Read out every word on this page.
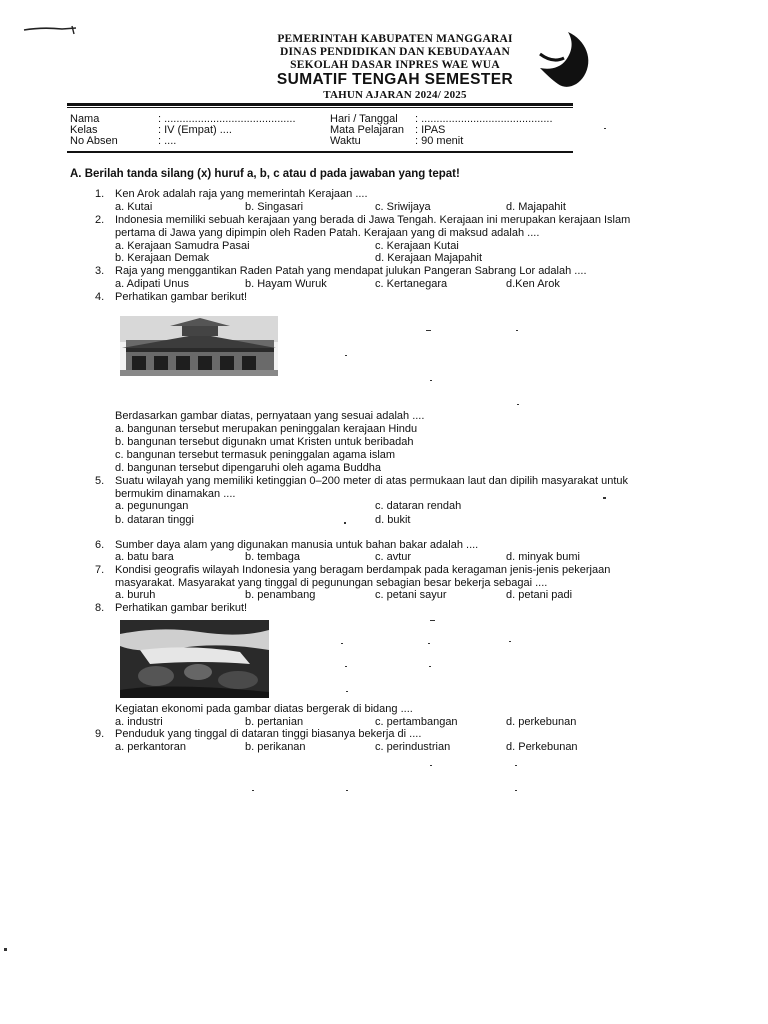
PEMERINTAH KABUPATEN MANGGARAI
DINAS PENDIDIKAN DAN KEBUDAYAAN
SEKOLAH DASAR INPRES WAE WUA
SUMATIF TENGAH SEMESTER
TAHUN AJARAN 2024/ 2025
Nama	: ...........................................
Kelas	: IV (Empat) ....
No Absen	: ....
Hari / Tanggal : ...........................................
Mata Pelajaran : IPAS
Waktu	: 90 menit
A. Berilah tanda silang (x) huruf a, b, c atau d pada jawaban yang tepat!
1. Ken Arok adalah raja yang memerintah Kerajaan ....
a. Kutai	b. Singasari	c. Sriwijaya	d. Majapahit
2. Indonesia memiliki sebuah kerajaan yang berada di Jawa Tengah. Kerajaan ini merupakan kerajaan Islam
pertama di Jawa yang dipimpin oleh Raden Patah. Kerajaan yang di maksud adalah ....
a. Kerajaan Samudra Pasai	c. Kerajaan Kutai
b. Kerajaan Demak	d. Kerajaan Majapahit
3. Raja yang menggantikan Raden Patah yang mendapat julukan Pangeran Sabrang Lor adalah ....
a. Adipati Unus	b. Hayam Wuruk	c. Kertanegara	d.Ken Arok
4. Perhatikan gambar berikut!
Berdasarkan gambar diatas, pernyataan yang sesuai adalah ....
a. bangunan tersebut merupakan peninggalan kerajaan Hindu
b. bangunan tersebut digunakn umat Kristen untuk beribadah
c. bangunan tersebut termasuk peninggalan agama islam
d. bangunan tersebut dipengaruhi oleh agama Buddha
5. Suatu wilayah yang memiliki ketinggian 0–200 meter di atas permukaan laut dan dipilih masyarakat untuk
bermukim dinamakan ....
a. pegunungan	c. dataran rendah
b. dataran tinggi	d. bukit
6. Sumber daya alam yang digunakan manusia untuk bahan bakar adalah ....
a. batu bara	b. tembaga	c. avtur	d. minyak bumi
7. Kondisi geografis wilayah Indonesia yang beragam berdampak pada keragaman jenis-jenis pekerjaan
masyarakat. Masyarakat yang tinggal di pegunungan sebagian besar bekerja sebagai ....
a. buruh	b. penambang	c. petani sayur	d. petani padi
8. Perhatikan gambar berikut!
Kegiatan ekonomi pada gambar diatas bergerak di bidang ....
a. industri	b. pertanian	c. pertambangan	d. perkebunan
9. Penduduk yang tinggal di dataran tinggi biasanya bekerja di ....
a. perkantoran	b. perikanan	c. perindustrian	d. Perkebunan
